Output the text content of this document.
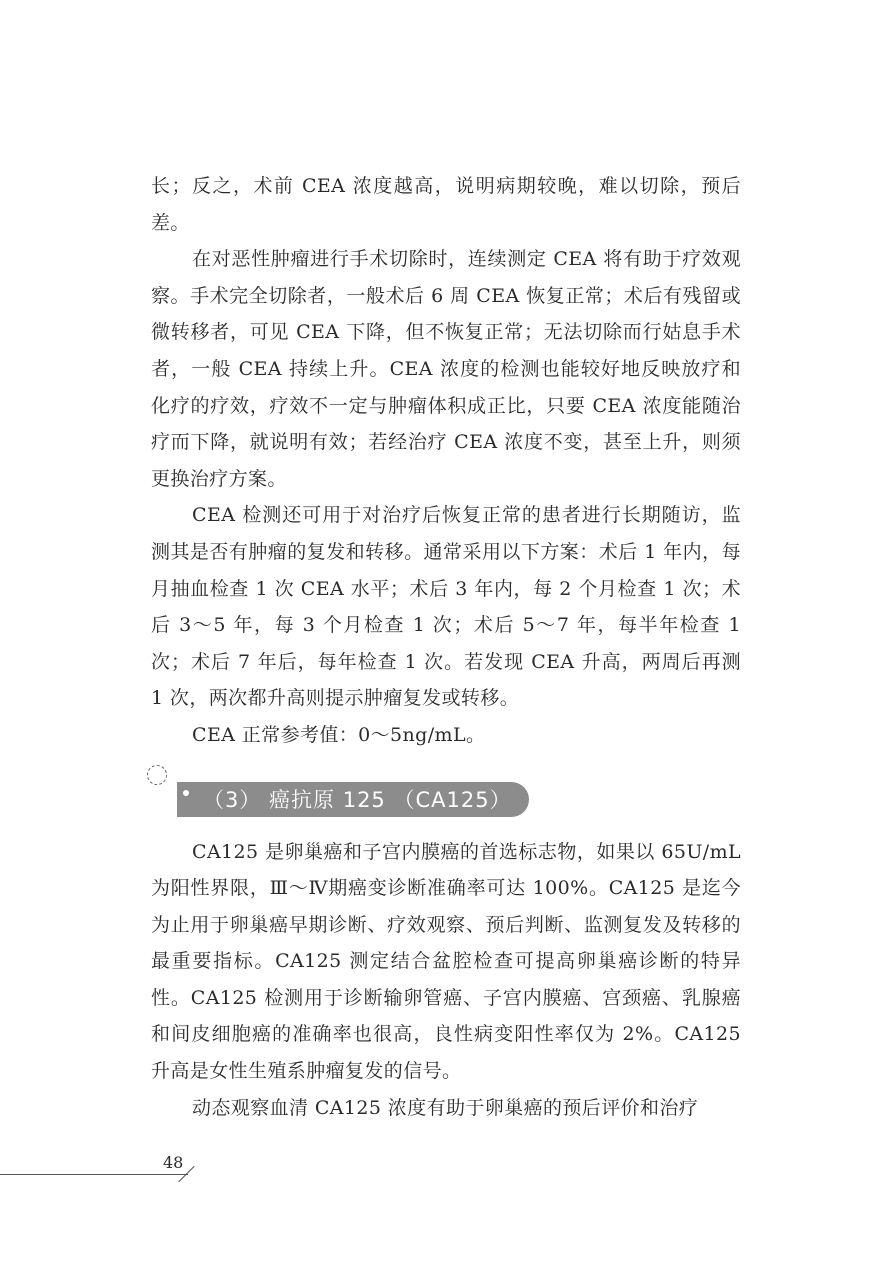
长；反之，术前 CEA 浓度越高，说明病期较晚，难以切除，预后差。

在对恶性肿瘤进行手术切除时，连续测定 CEA 将有助于疗效观察。手术完全切除者，一般术后 6 周 CEA 恢复正常；术后有残留或微转移者，可见 CEA 下降，但不恢复正常；无法切除而行姑息手术者，一般 CEA 持续上升。CEA 浓度的检测也能较好地反映放疗和化疗的疗效，疗效不一定与肿瘤体积成正比，只要 CEA 浓度能随治疗而下降，就说明有效；若经治疗 CEA 浓度不变，甚至上升，则须更换治疗方案。

CEA 检测还可用于对治疗后恢复正常的患者进行长期随访，监测其是否有肿瘤的复发和转移。通常采用以下方案：术后 1 年内，每月抽血检查 1 次 CEA 水平；术后 3 年内，每 2 个月检查 1 次；术后 3～5 年，每 3 个月检查 1 次；术后 5～7 年，每半年检查 1 次；术后 7 年后，每年检查 1 次。若发现 CEA 升高，两周后再测 1 次，两次都升高则提示肿瘤复发或转移。

CEA 正常参考值：0～5ng/mL。

（3） 癌抗原 125 （CA125）

CA125 是卵巢癌和子宫内膜癌的首选标志物，如果以 65U/mL 为阳性界限，Ⅲ～Ⅳ期癌变诊断准确率可达 100%。CA125 是迄今为止用于卵巢癌早期诊断、疗效观察、预后判断、监测复发及转移的最重要指标。CA125 测定结合盆腔检查可提高卵巢癌诊断的特异性。CA125 检测用于诊断输卵管癌、子宫内膜癌、宫颈癌、乳腺癌和间皮细胞癌的准确率也很高，良性病变阳性率仅为 2%。CA125 升高是女性生殖系肿瘤复发的信号。

动态观察血清 CA125 浓度有助于卵巢癌的预后评价和治疗

48
